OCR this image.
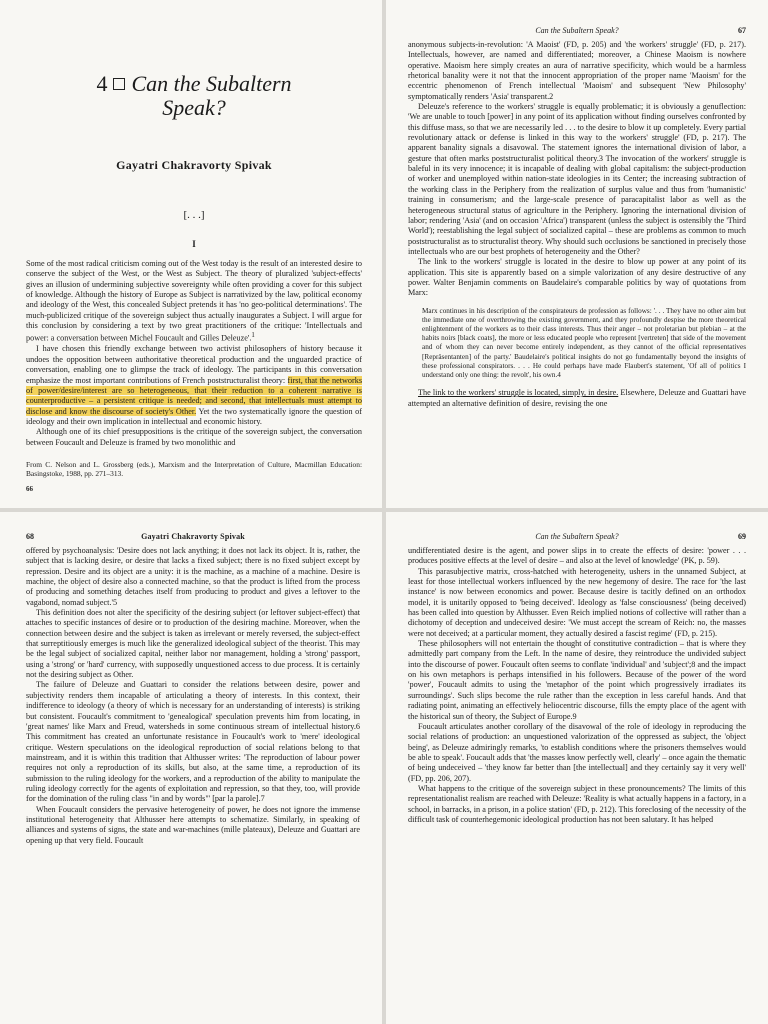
4 Can the Subaltern
Speak?
Gayatri Chakravorty Spivak
[. . .]
I

Some of the most radical criticism coming out of the West today is the result of an interested desire to conserve the subject of the West, or the West as Subject. The theory of pluralized 'subject-effects' gives an illusion of undermining subjective sovereignty while often providing a cover for this subject of knowledge. Although the history of Europe as Subject is narrativized by the law, political economy and ideology of the West, this concealed Subject pretends it has 'no geo-political determinations'. The much-publicized critique of the sovereign subject thus actually inaugurates a Subject. I will argue for this conclusion by considering a text by two great practitioners of the critique: 'Intellectuals and power: a conversation between Michel Foucault and Gilles Deleuze'.$^1$

I have chosen this friendly exchange between two activist philosophers of history because it undoes the opposition between authoritative theoretical production and the unguarded practice of conversation, enabling one to glimpse the track of ideology. The participants in this conversation emphasize the most important contributions of French poststructuralist theory: first, that the networks of power/desire/interest are so heterogeneous, that their reduction to a coherent narrative is counterproductive – a persistent critique is needed; and second, that intellectuals must attempt to disclose and know the discourse of society's Other. Yet the two systematically ignore the question of ideology and their own implication in intellectual and economic history.

Although one of its chief presuppositions is the critique of the sovereign subject, the conversation between Foucault and Deleuze is framed by two monolithic and

From C. Nelson and L. Grossberg (eds.), Marxism and the Interpretation of Culture, Macmillan Education: Basingstoke, 1988, pp. 271–313.
66
Can the Subaltern Speak?	67

anonymous subjects-in-revolution: 'A Maoist' (FD, p. 205) and 'the workers' struggle' (FD, p. 217). Intellectuals, however, are named and differentiated; moreover, a Chinese Maoism is nowhere operative. Maoism here simply creates an aura of narrative specificity, which would be a harmless rhetorical banality were it not that the innocent appropriation of the proper name 'Maoism' for the eccentric phenomenon of French intellectual 'Maoism' and subsequent 'New Philosophy' symptomatically renders 'Asia' transparent.2

Deleuze's reference to the workers' struggle is equally problematic; it is obviously a genuflection: 'We are unable to touch [power] in any point of its application without finding ourselves confronted by this diffuse mass, so that we are necessarily led . . . to the desire to blow it up completely. Every partial revolutionary attack or defense is linked in this way to the workers' struggle' (FD, p. 217). The apparent banality signals a disavowal. The statement ignores the international division of labor, a gesture that often marks poststructuralist political theory.3 The invocation of the workers' struggle is baleful in its very innocence; it is incapable of dealing with global capitalism: the subject-production of worker and unemployed within nation-state ideologies in its Center; the increasing subtraction of the working class in the Periphery from the realization of surplus value and thus from 'humanistic' training in consumerism; and the large-scale presence of paracapitalist labor as well as the heterogeneous structural status of agriculture in the Periphery. Ignoring the international division of labor; rendering 'Asia' (and on occasion 'Africa') transparent (unless the subject is ostensibly the 'Third World'); reestablishing the legal subject of socialized capital – these are problems as common to much poststructuralist as to structuralist theory. Why should such occlusions be sanctioned in precisely those intellectuals who are our best prophets of heterogeneity and the Other?

The link to the workers' struggle is located in the desire to blow up power at any point of its application. This site is apparently based on a simple valorization of any desire destructive of any power. Walter Benjamin comments on Baudelaire's comparable politics by way of quotations from Marx:

Marx continues in his description of the conspirateurs de profession as follows: '. . . They have no other aim but the immediate one of overthrowing the existing government, and they profoundly despise the more theoretical enlightenment of the workers as to their class interests. Thus their anger – not proletarian but plebian – at the habits noirs [black coats], the more or less educated people who represent [vertreten] that side of the movement and of whom they can never become entirely independent, as they cannot of the official representatives [Repräsentanten] of the party.' Baudelaire's political insights do not go fundamentally beyond the insights of these professional conspirators. . . . He could perhaps have made Flaubert's statement, 'Of all of politics I understand only one thing: the revolt', his own.4

The link to the workers' struggle is located, simply, in desire. Elsewhere, Deleuze and Guattari have attempted an alternative definition of desire, revising the one

68	Gayatri Chakravorty Spivak

offered by psychoanalysis: 'Desire does not lack anything; it does not lack its object. It is, rather, the subject that is lacking desire, or desire that lacks a fixed subject; there is no fixed subject except by repression. Desire and its object are a unity: it is the machine, as a machine of a machine. Desire is machine, the object of desire also a connected machine, so that the product is lifted from the process of producing and something detaches itself from producing to product and gives a leftover to the vagabond, nomad subject.'5

This definition does not alter the specificity of the desiring subject (or leftover subject-effect) that attaches to specific instances of desire or to production of the desiring machine. Moreover, when the connection between desire and the subject is taken as irrelevant or merely reversed, the subject-effect that surreptitiously emerges is much like the generalized ideological subject of the theorist. This may be the legal subject of socialized capital, neither labor nor management, holding a 'strong' passport, using a 'strong' or 'hard' currency, with supposedly unquestioned access to due process. It is certainly not the desiring subject as Other.

The failure of Deleuze and Guattari to consider the relations between desire, power and subjectivity renders them incapable of articulating a theory of interests. In this context, their indifference to ideology (a theory of which is necessary for an understanding of interests) is striking but consistent. Foucault's commitment to 'genealogical' speculation prevents him from locating, in 'great names' like Marx and Freud, watersheds in some continuous stream of intellectual history.6 This commitment has created an unfortunate resistance in Foucault's work to 'mere' ideological critique. Western speculations on the ideological reproduction of social relations belong to that mainstream, and it is within this tradition that Althusser writes: 'The reproduction of labour power requires not only a reproduction of its skills, but also, at the same time, a reproduction of its submission to the ruling ideology for the workers, and a reproduction of the ability to manipulate the ruling ideology correctly for the agents of exploitation and repression, so that they, too, will provide for the domination of the ruling class "in and by words"' [par la parole].7

When Foucault considers the pervasive heterogeneity of power, he does not ignore the immense institutional heterogeneity that Althusser here attempts to schematize. Similarly, in speaking of alliances and systems of signs, the state and war-machines (mille plateaux), Deleuze and Guattari are opening up that very field. Foucault

Can the Subaltern Speak?	69

undifferentiated desire is the agent, and power slips in to create the effects of desire: 'power . . . produces positive effects at the level of desire – and also at the level of knowledge' (PK, p. 59).

This parasubjective matrix, cross-hatched with heterogeneity, ushers in the unnamed Subject, at least for those intellectual workers influenced by the new hegemony of desire. The race for 'the last instance' is now between economics and power. Because desire is tacitly defined on an orthodox model, it is unitarily opposed to 'being deceived'. Ideology as 'false consciousness' (being deceived) has been called into question by Althusser. Even Reich implied notions of collective will rather than a dichotomy of deception and undeceived desire: 'We must accept the scream of Reich: no, the masses were not deceived; at a particular moment, they actually desired a fascist regime' (FD, p. 215).

These philosophers will not entertain the thought of constitutive contradiction – that is where they admittedly part company from the Left. In the name of desire, they reintroduce the undivided subject into the discourse of power. Foucault often seems to conflate 'individual' and 'subject';8 and the impact on his own metaphors is perhaps intensified in his followers. Because of the power of the word 'power', Foucault admits to using the 'metaphor of the point which progressively irradiates its surroundings'. Such slips become the rule rather than the exception in less careful hands. And that radiating point, animating an effectively heliocentric discourse, fills the empty place of the agent with the historical sun of theory, the Subject of Europe.9

Foucault articulates another corollary of the disavowal of the role of ideology in reproducing the social relations of production: an unquestioned valorization of the oppressed as subject, the 'object being', as Deleuze admiringly remarks, 'to establish conditions where the prisoners themselves would be able to speak'. Foucault adds that 'the masses know perfectly well, clearly' – once again the thematic of being undeceived – 'they know far better than [the intellectual] and they certainly say it very well' (FD, pp. 206, 207).

What happens to the critique of the sovereign subject in these pronouncements? The limits of this representationalist realism are reached with Deleuze: 'Reality is what actually happens in a factory, in a school, in barracks, in a prison, in a police station' (FD, p. 212). This foreclosing of the necessity of the difficult task of counterhegemonic ideological production has not been salutary. It has helped
